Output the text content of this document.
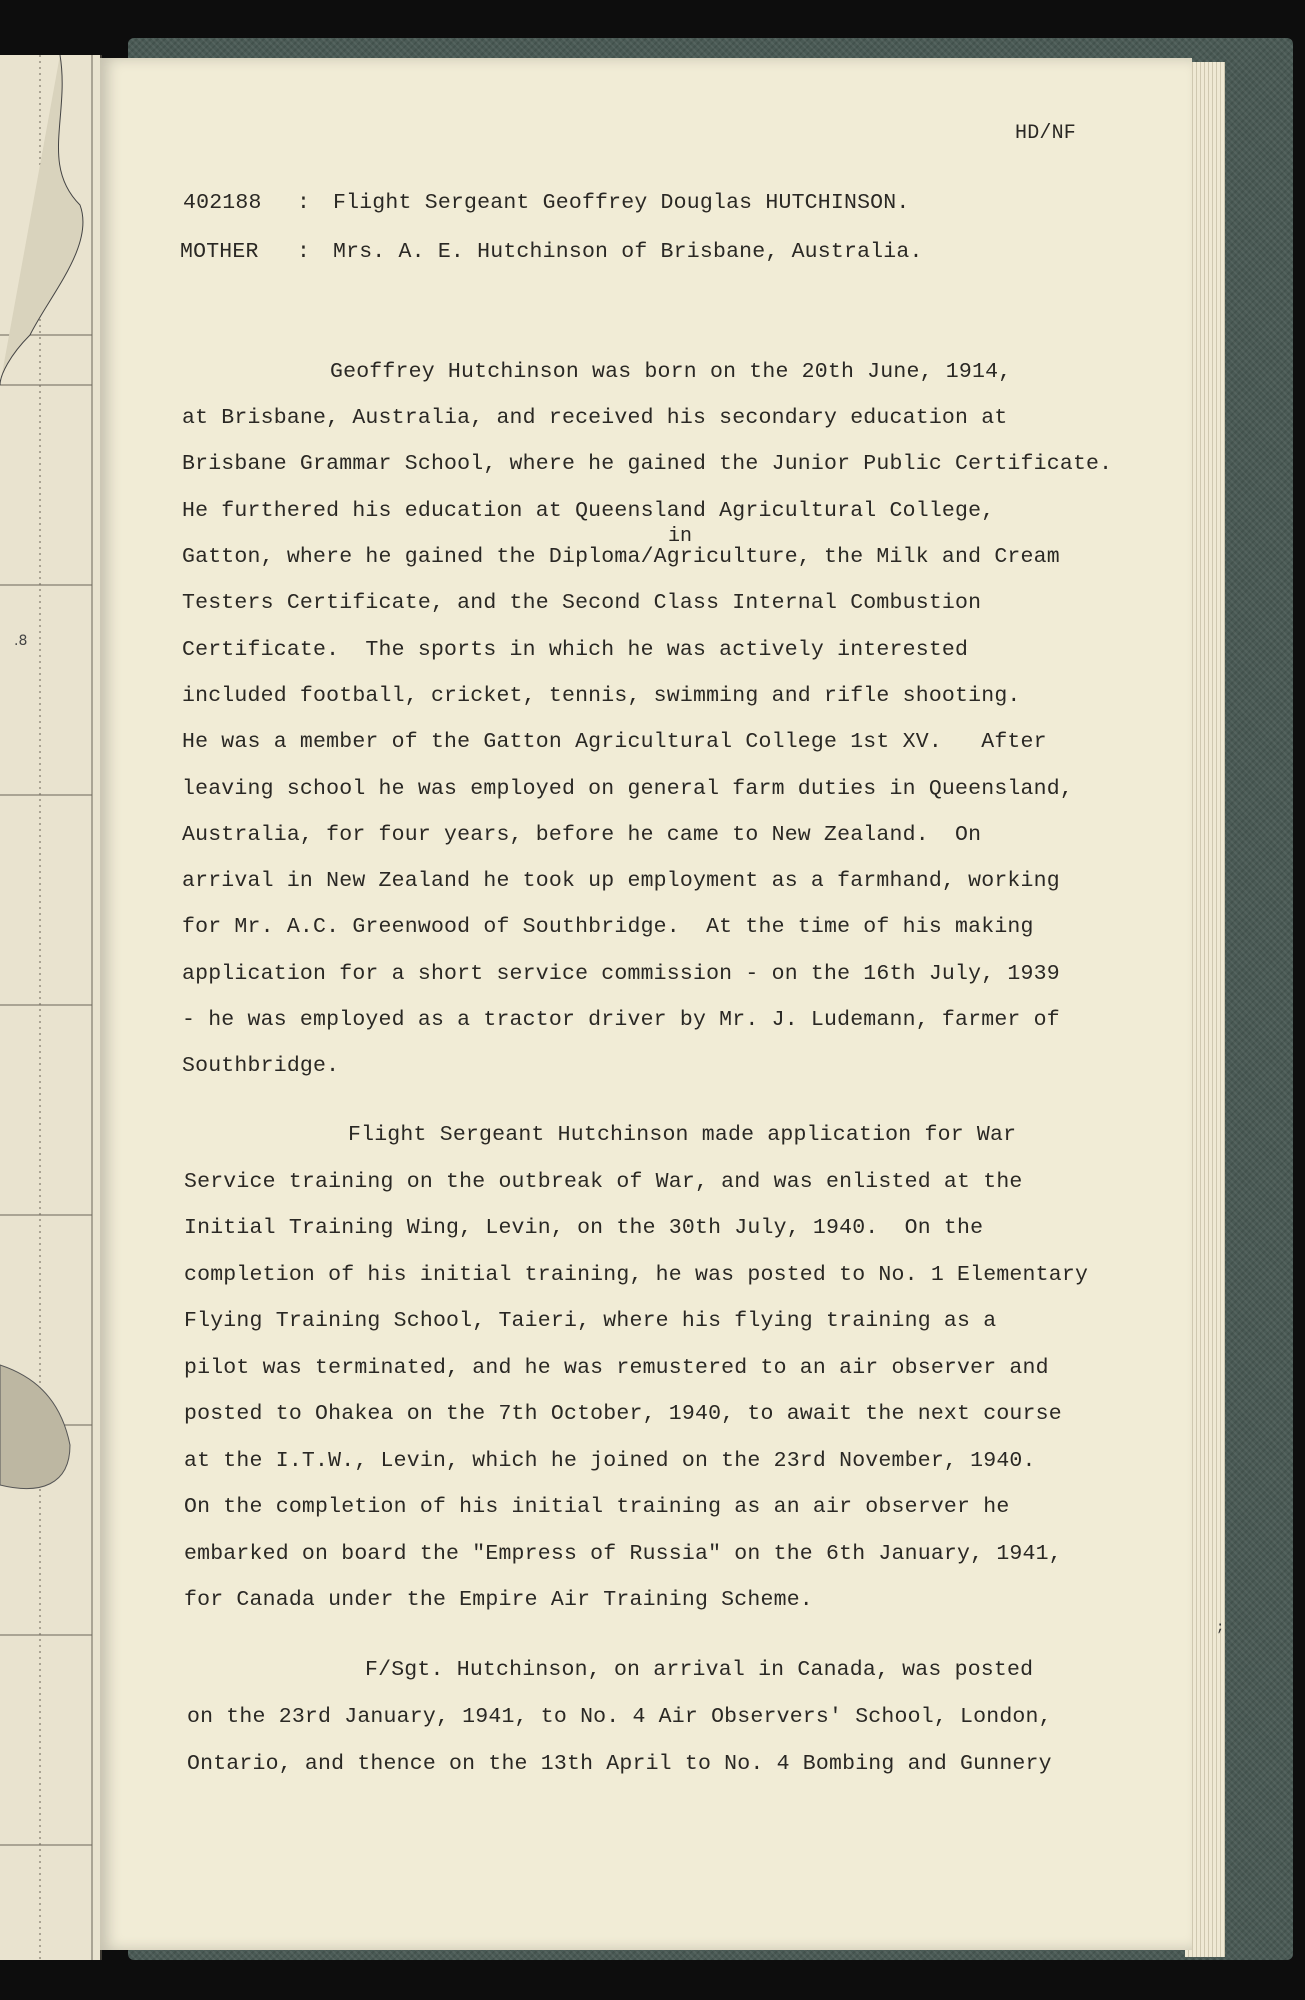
.8
HD/NF
402188 : Flight Sergeant Geoffrey Douglas HUTCHINSON.
MOTHER : Mrs. A. E. Hutchinson of Brisbane, Australia.
Geoffrey Hutchinson was born on the 20th June, 1914,
at Brisbane, Australia, and received his secondary education at
Brisbane Grammar School, where he gained the Junior Public Certificate.
He furthered his education at Queensland Agricultural College,
in
Gatton, where he gained the Diploma/Agriculture, the Milk and Cream
Testers Certificate, and the Second Class Internal Combustion
Certificate.  The sports in which he was actively interested
included football, cricket, tennis, swimming and rifle shooting.
He was a member of the Gatton Agricultural College 1st XV.   After
leaving school he was employed on general farm duties in Queensland,
Australia, for four years, before he came to New Zealand.  On
arrival in New Zealand he took up employment as a farmhand, working
for Mr. A.C. Greenwood of Southbridge.  At the time of his making
application for a short service commission - on the 16th July, 1939
- he was employed as a tractor driver by Mr. J. Ludemann, farmer of
Southbridge.
Flight Sergeant Hutchinson made application for War
Service training on the outbreak of War, and was enlisted at the
Initial Training Wing, Levin, on the 30th July, 1940.  On the
completion of his initial training, he was posted to No. 1 Elementary
Flying Training School, Taieri, where his flying training as a
pilot was terminated, and he was remustered to an air observer and
posted to Ohakea on the 7th October, 1940, to await the next course
at the I.T.W., Levin, which he joined on the 23rd November, 1940.
On the completion of his initial training as an air observer he
embarked on board the "Empress of Russia" on the 6th January, 1941,
for Canada under the Empire Air Training Scheme.
F/Sgt. Hutchinson, on arrival in Canada, was posted
on the 23rd January, 1941, to No. 4 Air Observers' School, London,
Ontario, and thence on the 13th April to No. 4 Bombing and Gunnery
;
